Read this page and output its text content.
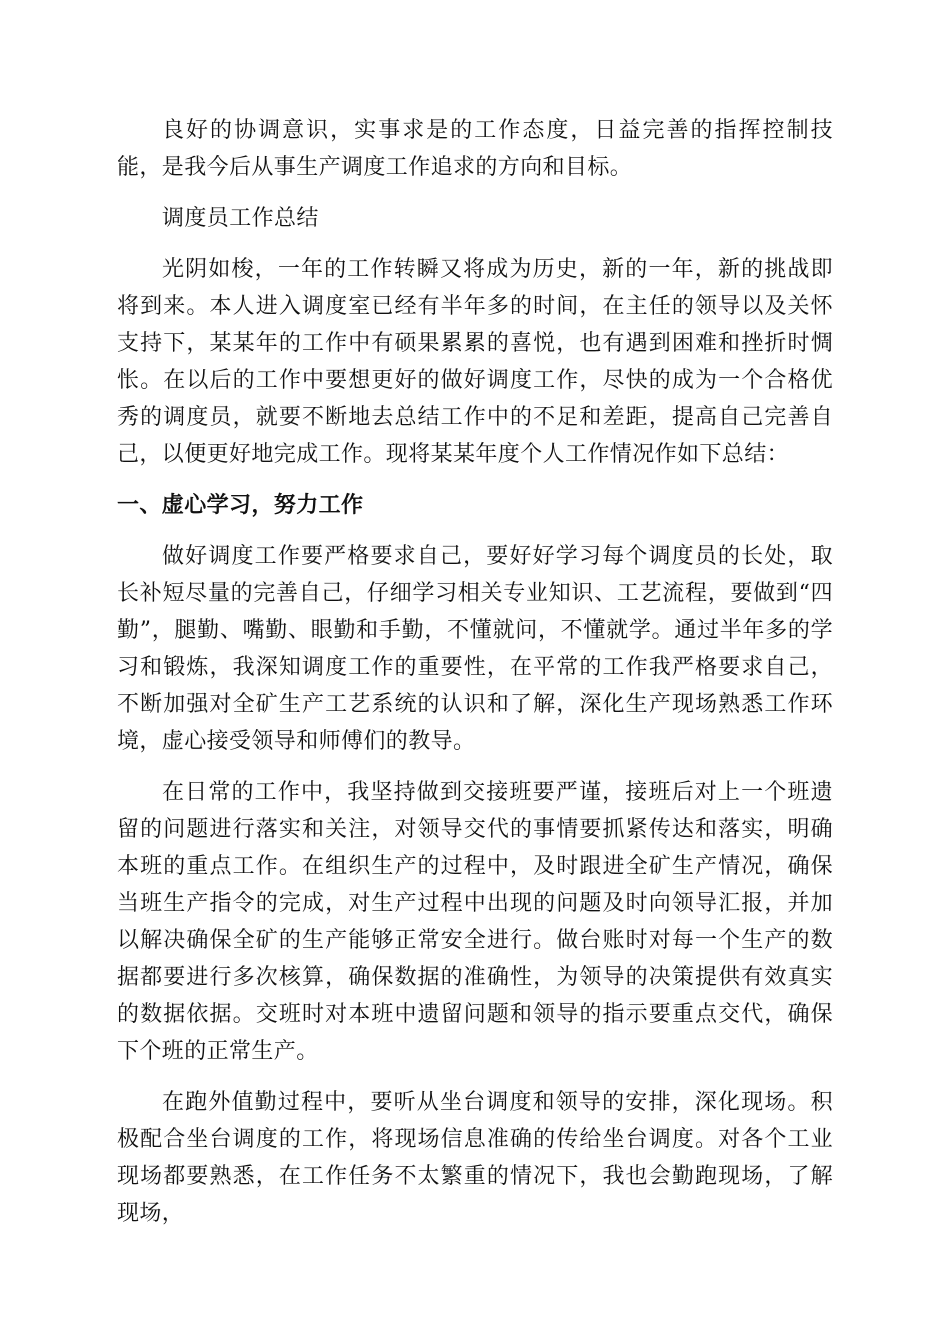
良好的协调意识，实事求是的工作态度，日益完善的指挥控制技能，是我今后从事生产调度工作追求的方向和目标。

调度员工作总结

光阴如梭，一年的工作转瞬又将成为历史，新的一年，新的挑战即将到来。本人进入调度室已经有半年多的时间，在主任的领导以及关怀支持下，某某年的工作中有硕果累累的喜悦，也有遇到困难和挫折时惆怅。在以后的工作中要想更好的做好调度工作，尽快的成为一个合格优秀的调度员，就要不断地去总结工作中的不足和差距，提高自己完善自己，以便更好地完成工作。现将某某年度个人工作情况作如下总结：

一、虚心学习，努力工作

做好调度工作要严格要求自己，要好好学习每个调度员的长处，取长补短尽量的完善自己，仔细学习相关专业知识、工艺流程，要做到“四勤”，腿勤、嘴勤、眼勤和手勤，不懂就问，不懂就学。通过半年多的学习和锻炼，我深知调度工作的重要性，在平常的工作我严格要求自己，不断加强对全矿生产工艺系统的认识和了解，深化生产现场熟悉工作环境，虚心接受领导和师傅们的教导。

在日常的工作中，我坚持做到交接班要严谨，接班后对上一个班遗留的问题进行落实和关注，对领导交代的事情要抓紧传达和落实，明确本班的重点工作。在组织生产的过程中，及时跟进全矿生产情况，确保当班生产指令的完成，对生产过程中出现的问题及时向领导汇报，并加以解决确保全矿的生产能够正常安全进行。做台账时对每一个生产的数据都要进行多次核算，确保数据的准确性，为领导的决策提供有效真实的数据依据。交班时对本班中遗留问题和领导的指示要重点交代，确保下个班的正常生产。

在跑外值勤过程中，要听从坐台调度和领导的安排，深化现场。积极配合坐台调度的工作，将现场信息准确的传给坐台调度。对各个工业现场都要熟悉，在工作任务不太繁重的情况下，我也会勤跑现场，了解现场，
